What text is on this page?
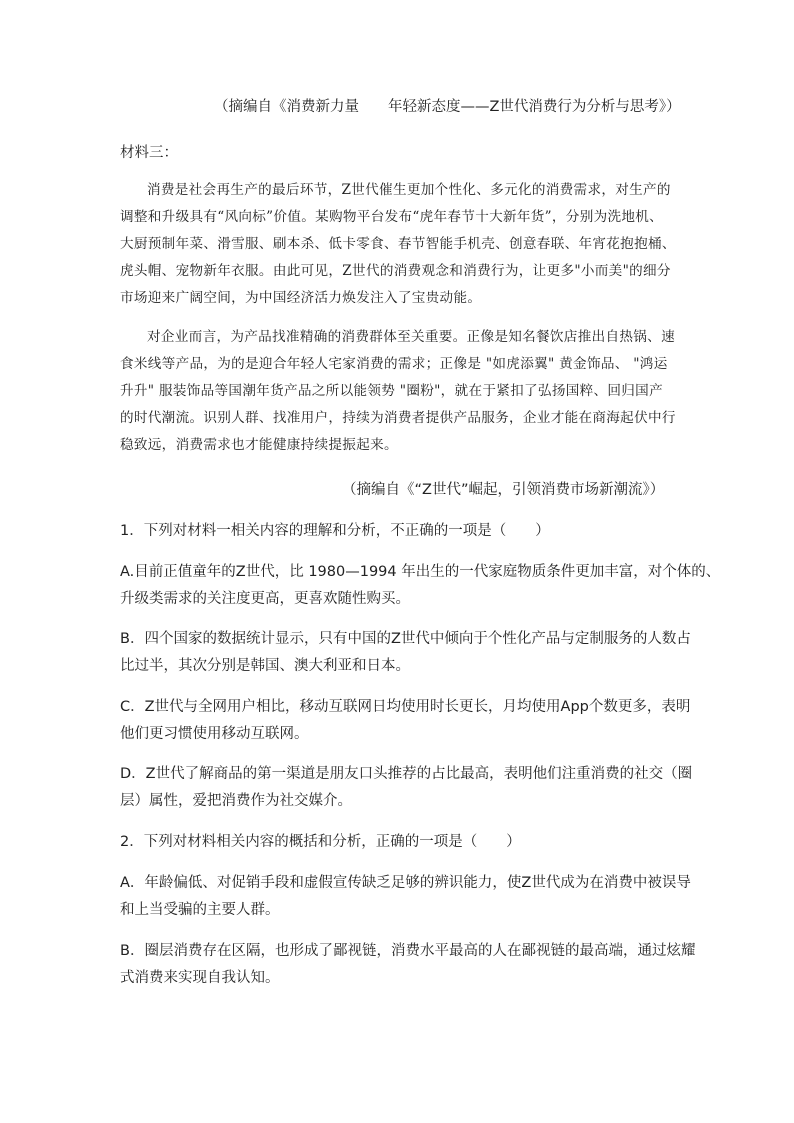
（摘编自《消费新力量　　年轻新态度——Z世代消费行为分析与思考》）
材料三：
消费是社会再生产的最后环节，Z世代催生更加个性化、多元化的消费需求，对生产的
调整和升级具有“风向标”价值。某购物平台发布“虎年春节十大新年货”，分别为洗地机、
大厨预制年菜、滑雪服、刷本杀、低卡零食、春节智能手机壳、创意春联、年宵花抱抱桶、
虎头帽、宠物新年衣服。由此可见，Z世代的消费观念和消费行为，让更多"小而美"的细分
市场迎来广阔空间，为中国经济活力焕发注入了宝贵动能。
对企业而言，为产品找准精确的消费群体至关重要。正像是知名餐饮店推出自热锅、速
食米线等产品，为的是迎合年轻人宅家消费的需求；正像是 "如虎添翼" 黄金饰品、 "鸿运
升升" 服装饰品等国潮年货产品之所以能领势 "圈粉"，就在于紧扣了弘扬国粹、回归国产
的时代潮流。识别人群、找准用户，持续为消费者提供产品服务，企业才能在商海起伏中行
稳致远，消费需求也才能健康持续提振起来。
（摘编自《“Z世代”崛起，引领消费市场新潮流》）
1．下列对材料一相关内容的理解和分析，不正确的一项是（　　）
A.目前正值童年的Z世代，比 1980—1994 年出生的一代家庭物质条件更加丰富，对个体的、
升级类需求的关注度更高，更喜欢随性购买。
B．四个国家的数据统计显示，只有中国的Z世代中倾向于个性化产品与定制服务的人数占
比过半，其次分别是韩国、澳大利亚和日本。
C．Z世代与全网用户相比，移动互联网日均使用时长更长，月均使用App个数更多，表明
他们更习惯使用移动互联网。
D．Z世代了解商品的第一渠道是朋友口头推荐的占比最高，表明他们注重消费的社交（圈
层）属性，爱把消费作为社交媒介。
2．下列对材料相关内容的概括和分析，正确的一项是（　　）
A．年龄偏低、对促销手段和虚假宣传缺乏足够的辨识能力，使Z世代成为在消费中被误导
和上当受骗的主要人群。
B．圈层消费存在区隔，也形成了鄙视链，消费水平最高的人在鄙视链的最高端，通过炫耀
式消费来实现自我认知。
